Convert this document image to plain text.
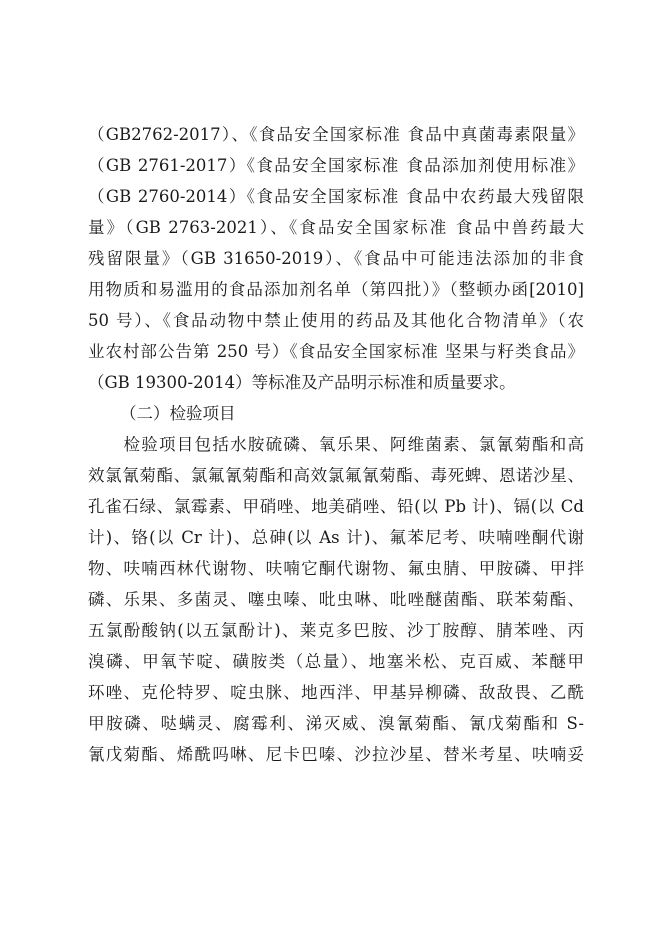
（GB2762-2017）、《食品安全国家标准 食品中真菌毒素限量》
（GB 2761-2017）《食品安全国家标准 食品添加剂使用标准》
（GB 2760-2014）《食品安全国家标准 食品中农药最大残留限
量》（GB 2763-2021）、《食品安全国家标准 食品中兽药最大
残留限量》（GB 31650-2019）、《食品中可能违法添加的非食
用物质和易滥用的食品添加剂名单（第四批）》（整顿办函[2010]
50 号）、《食品动物中禁止使用的药品及其他化合物清单》（农
业农村部公告第 250 号）《食品安全国家标准 坚果与籽类食品》
（GB 19300-2014）等标准及产品明示标准和质量要求。
（二）检验项目
　　检验项目包括水胺硫磷、氧乐果、阿维菌素、氯氰菊酯和高
效氯氰菊酯、氯氟氰菊酯和高效氯氟氰菊酯、毒死蜱、恩诺沙星、
孔雀石绿、氯霉素、甲硝唑、地美硝唑、铅(以 Pb 计)、镉(以 Cd
计)、铬(以 Cr 计)、总砷(以 As 计)、氟苯尼考、呋喃唑酮代谢
物、呋喃西林代谢物、呋喃它酮代谢物、氟虫腈、甲胺磷、甲拌
磷、乐果、多菌灵、噻虫嗪、吡虫啉、吡唑醚菌酯、联苯菊酯、
五氯酚酸钠(以五氯酚计)、莱克多巴胺、沙丁胺醇、腈苯唑、丙
溴磷、甲氧苄啶、磺胺类（总量）、地塞米松、克百威、苯醚甲
环唑、克伦特罗、啶虫脒、地西泮、甲基异柳磷、敌敌畏、乙酰
甲胺磷、哒螨灵、腐霉利、涕灭威、溴氰菊酯、氰戊菊酯和 S-
氰戊菊酯、烯酰吗啉、尼卡巴嗪、沙拉沙星、替米考星、呋喃妥
